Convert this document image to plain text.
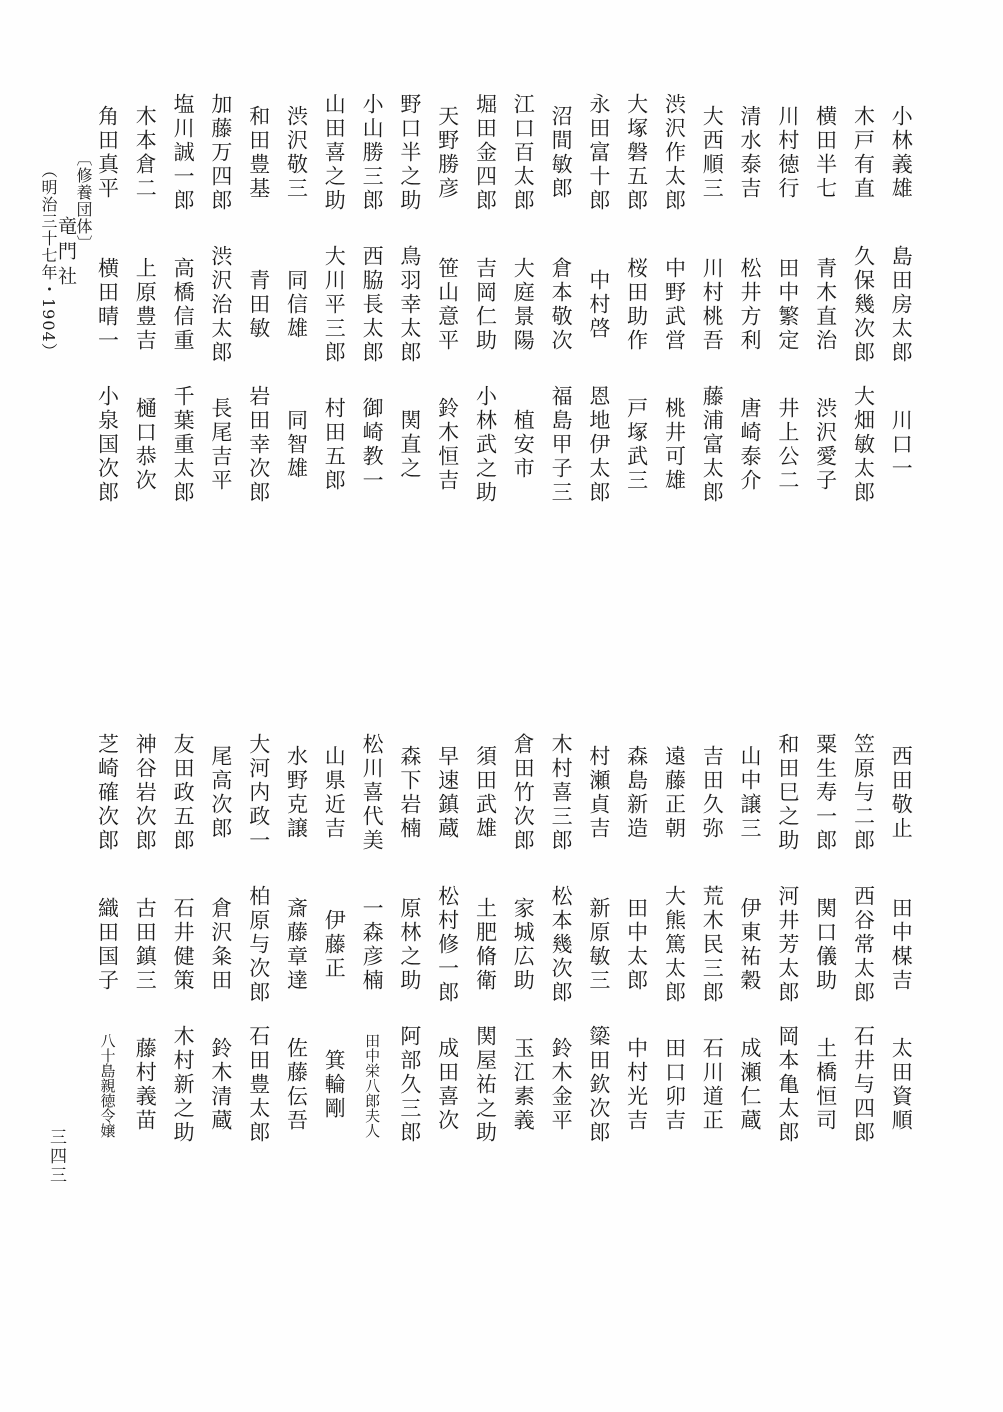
〔修養団体〕
竜門社
（明治三十七年・1904）
小林義雄
島田房太郎
川口一
木戸有直
久保幾次郎
大畑敏太郎
横田半七
青木直治
渋沢愛子
川村徳行
田中繁定
井上公二
清水泰吉
松井方利
唐崎泰介
大西順三
川村桃吾
藤浦富太郎
渋沢作太郎
中野武営
桃井可雄
大塚磐五郎
桜田助作
戸塚武三
永田富十郎
中村啓
恩地伊太郎
沼間敏郎
倉本敬次
福島甲子三
江口百太郎
大庭景陽
植安市
堀田金四郎
吉岡仁助
小林武之助
天野勝彦
笹山意平
鈴木恒吉
野口半之助
鳥羽幸太郎
関直之
小山勝三郎
西脇長太郎
御崎教一
山田喜之助
大川平三郎
村田五郎
渋沢敬三
同信雄
同智雄
和田豊基
青田敏
岩田幸次郎
加藤万四郎
渋沢治太郎
長尾吉平
塩川誠一郎
高橋信重
千葉重太郎
木本倉二
上原豊吉
樋口恭次
角田真平
横田晴一
小泉国次郎
西田敬止
田中楳吉
太田資順
笠原与二郎
西谷常太郎
石井与四郎
粟生寿一郎
関口儀助
土橋恒司
和田巳之助
河井芳太郎
岡本亀太郎
山中譲三
伊東祐穀
成瀬仁蔵
吉田久弥
荒木民三郎
石川道正
遠藤正朝
大熊篤太郎
田口卯吉
森島新造
田中太郎
中村光吉
村瀬貞吉
新原敏三
簗田欽次郎
木村喜三郎
松本幾次郎
鈴木金平
倉田竹次郎
家城広助
玉江素義
須田武雄
土肥脩衛
関屋祐之助
早速鎮蔵
松村修一郎
成田喜次
森下岩楠
原林之助
阿部久三郎
松川喜代美
一森彦楠
田中栄八郎夫人
山県近吉
伊藤正
箕輪剛
水野克譲
斎藤章達
佐藤伝吾
大河内政一
柏原与次郎
石田豊太郎
尾高次郎
倉沢粂田
鈴木清蔵
友田政五郎
石井健策
木村新之助
神谷岩次郎
古田鎮三
藤村義苗
芝崎確次郎
織田国子
八十島親徳令嬢
三四三
